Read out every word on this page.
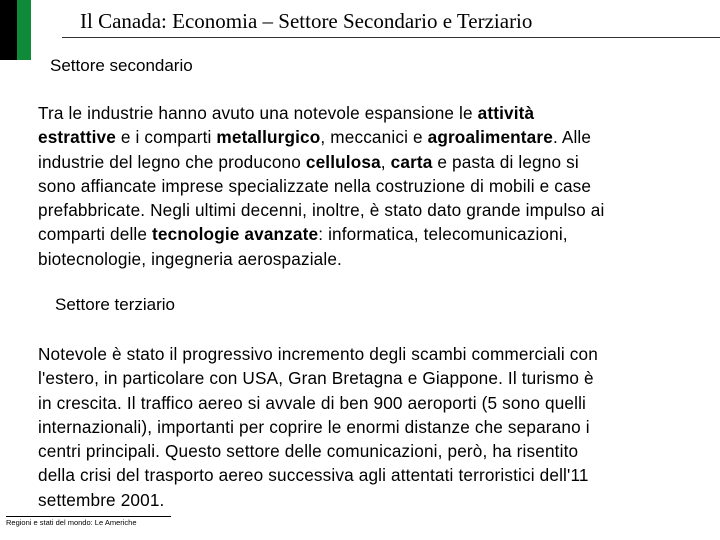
Il Canada: Economia – Settore Secondario e Terziario
Settore secondario
Tra le industrie hanno avuto una notevole espansione le attività
estrattive e i comparti metallurgico, meccanici e agroalimentare. Alle
industrie del legno che producono cellulosa, carta e pasta di legno si
sono affiancate imprese specializzate nella costruzione di mobili e case
prefabbricate. Negli ultimi decenni, inoltre, è stato dato grande impulso ai
comparti delle tecnologie avanzate: informatica, telecomunicazioni,
biotecnologie, ingegneria aerospaziale.
Settore terziario
Notevole è stato il progressivo incremento degli scambi commerciali con
l'estero, in particolare con USA, Gran Bretagna e Giappone. Il turismo è
in crescita. Il traffico aereo si avvale di ben 900 aeroporti (5 sono quelli
internazionali), importanti per coprire le enormi distanze che separano i
centri principali. Questo settore delle comunicazioni, però, ha risentito
della crisi del trasporto aereo successiva agli attentati terroristici dell'11
settembre 2001.
Regioni e stati del mondo: Le Americhe
